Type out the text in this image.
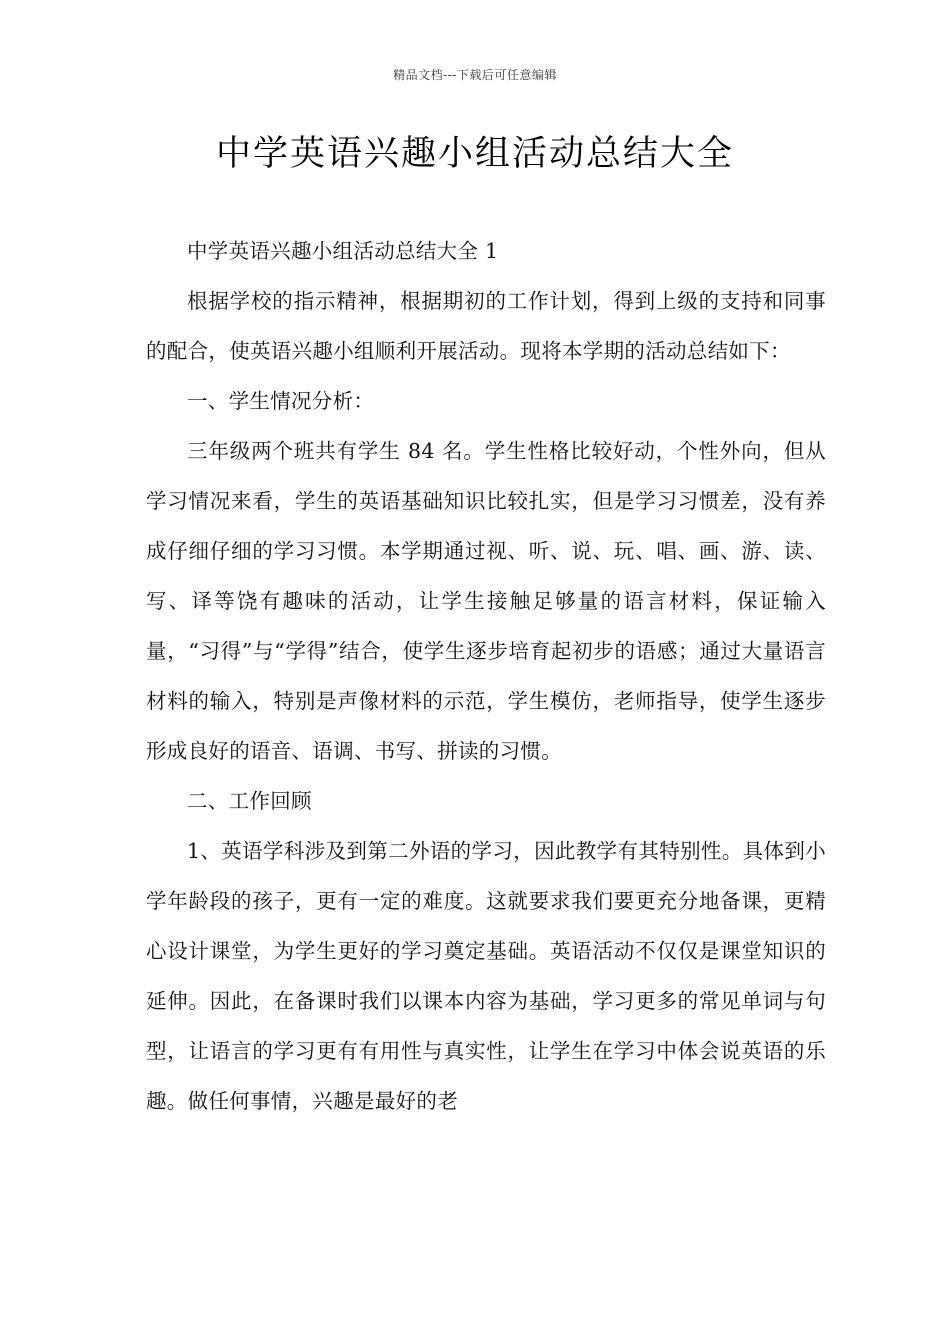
精品文档---下载后可任意编辑
中学英语兴趣小组活动总结大全

中学英语兴趣小组活动总结大全 1

根据学校的指示精神，根据期初的工作计划，得到上级的支持和同事的配合，使英语兴趣小组顺利开展活动。现将本学期的活动总结如下：

一、学生情况分析：

三年级两个班共有学生 84 名。学生性格比较好动，个性外向，但从学习情况来看，学生的英语基础知识比较扎实，但是学习习惯差，没有养成仔细仔细的学习习惯。本学期通过视、听、说、玩、唱、画、游、读、写、译等饶有趣味的活动，让学生接触足够量的语言材料，保证输入量，“习得”与“学得”结合，使学生逐步培育起初步的语感；通过大量语言材料的输入，特别是声像材料的示范，学生模仿，老师指导，使学生逐步形成良好的语音、语调、书写、拼读的习惯。

二、工作回顾

1、英语学科涉及到第二外语的学习，因此教学有其特别性。具体到小学年龄段的孩子，更有一定的难度。这就要求我们要更充分地备课，更精心设计课堂，为学生更好的学习奠定基础。英语活动不仅仅是课堂知识的延伸。因此，在备课时我们以课本内容为基础，学习更多的常见单词与句型，让语言的学习更有有用性与真实性，让学生在学习中体会说英语的乐趣。做任何事情，兴趣是最好的老
